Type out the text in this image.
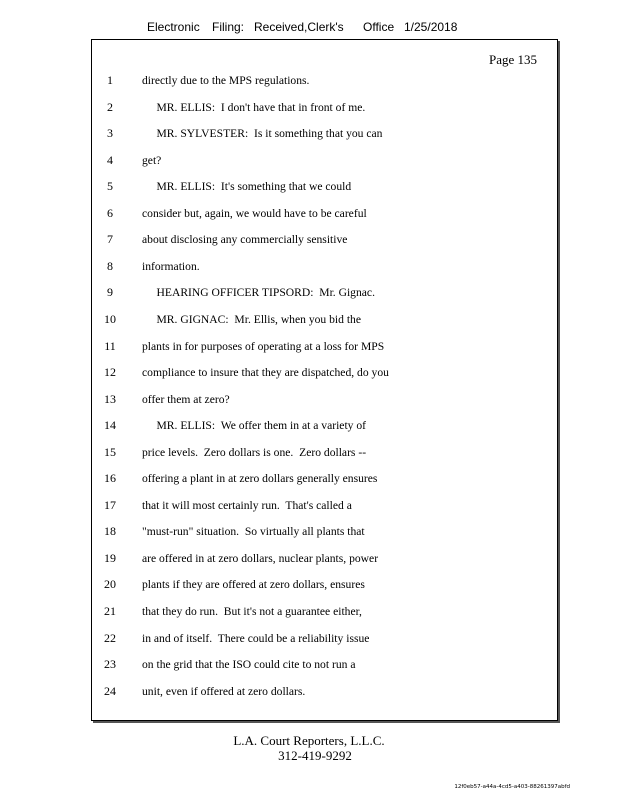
Electronic Filing: Received,Clerk's Office 1/25/2018
Page 135
1	directly due to the MPS regulations.
2	MR. ELLIS:  I don't have that in front of me.
3	MR. SYLVESTER:  Is it something that you can
4	get?
5	MR. ELLIS:  It's something that we could
6	consider but, again, we would have to be careful
7	about disclosing any commercially sensitive
8	information.
9	HEARING OFFICER TIPSORD:  Mr. Gignac.
10	MR. GIGNAC:  Mr. Ellis, when you bid the
11	plants in for purposes of operating at a loss for MPS
12	compliance to insure that they are dispatched, do you
13	offer them at zero?
14	MR. ELLIS:  We offer them in at a variety of
15	price levels.  Zero dollars is one.  Zero dollars --
16	offering a plant in at zero dollars generally ensures
17	that it will most certainly run.  That's called a
18	"must-run" situation.  So virtually all plants that
19	are offered in at zero dollars, nuclear plants, power
20	plants if they are offered at zero dollars, ensures
21	that they do run.  But it's not a guarantee either,
22	in and of itself.  There could be a reliability issue
23	on the grid that the ISO could cite to not run a
24	unit, even if offered at zero dollars.
L.A. Court Reporters, L.L.C.
312-419-9292
12f0eb57-a44a-4cd5-a403-88261397abfd
